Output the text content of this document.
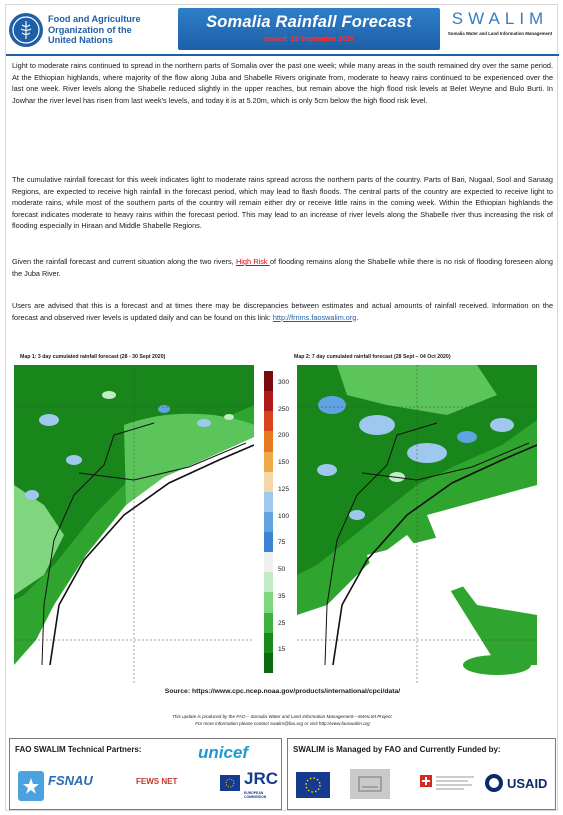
Food and Agriculture
Organization of the
United Nations
Somalia Rainfall Forecast
Issued: 28 September 2020
SWALIM
Somalia Water and Land Information Management
Light to moderate rains continued to spread in the northern parts of Somalia over the past one week; while many areas in the south remained dry over the same period. At the Ethiopian highlands, where majority of the flow along Juba and Shabelle Rivers originate from, moderate to heavy rains continued to be experienced over the last one week. River levels along the Shabelle reduced slightly in the upper reaches, but remain above the high flood risk levels at Belet Weyne and Bulo Burti. In Jowhar the river level has risen from last week's levels, and today it is at 5.20m, which is only 5cm below the high flood risk level.
The cumulative rainfall forecast for this week indicates light to moderate rains spread across the northern parts of the country. Parts of Bari, Nugaal, Sool and Sanaag Regions, are expected to receive high rainfall in the forecast period, which may lead to flash floods. The central parts of the country are expected to receive light to moderate rains, while most of the southern parts of the country will remain either dry or receive little rains in the coming week. Within the Ethiopian highlands the forecast indicates moderate to heavy rains within the forecast period. This may lead to an increase of river levels along the Shabelle river thus increasing the risk of flooding especially in Hiraan and Middle Shabelle Regions.
Given the rainfall forecast and current situation along the two rivers, High Risk of flooding remains along the Shabelle while there is no risk of flooding foreseen along the Juba River.
Users are advised that this is a forecast and at times there may be discrepancies between estimates and actual amounts of rainfall received. Information on the forecast and observed river levels is updated daily and can be found on this link: http://frrims.faoswalim.org.
Map 1: 3 day cumulated rainfall forecast (28 - 30 Sept 2020)	Map 2: 7 day cumulated rainfall forecast (28 Sept – 04 Oct 2020)
300
250
200
150
125
100
75
50
35
25
15
Source: https://www.cpc.ncep.noaa.gov/products/international/cpci/data/
This update is produced by the FAO – Somalia Water and Land Information Management—SWALIM Project.
For more information please contact swalim@fao.org or visit http://www.faoswalim.org
FAO SWALIM Technical Partners:	unicef
FSNAU	FEWS NET	JRC
EUROPEAN COMMISSION
SWALIM is Managed by FAO and Currently Funded by:
USAID
